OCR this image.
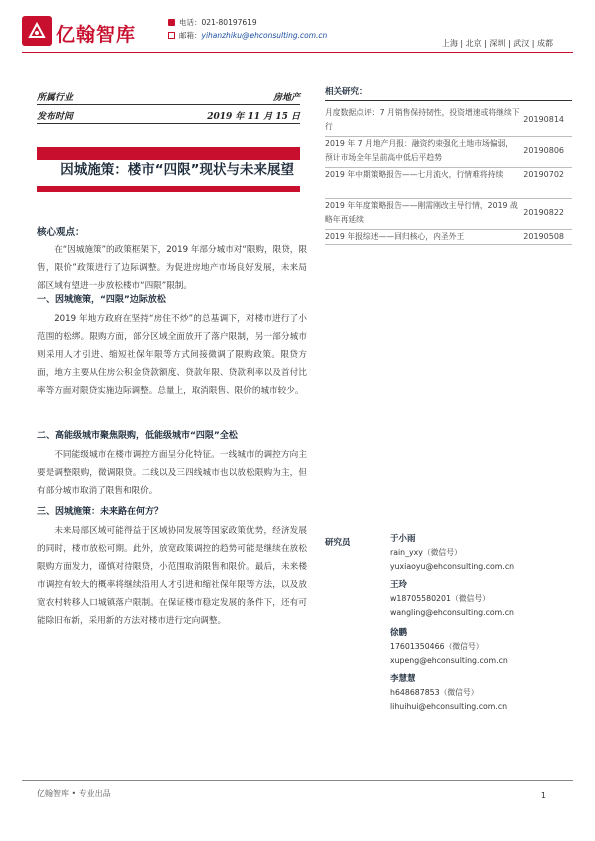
亿翰智库
电话：021-80197619
邮箱：yihanzhiku@ehconsulting.com.cn
上海 | 北京 | 深圳 | 武汉 | 成都
所属行业	房地产
发布时间	2019 年 11 月 15 日
因城施策：楼市“四限”现状与未来展望
核心观点：
在“因城施策”的政策框架下，2019 年部分城市对“限购，限贷，限售，限价”政策进行了边际调整。为促进房地产市场良好发展，未来局部区域有望进一步放松楼市“四限”限制。
一、因城施策，“四限”边际放松
2019 年地方政府在坚持“房住不炒”的总基调下，对楼市进行了小范围的松绑。限购方面，部分区域全面放开了落户限制，另一部分城市则采用人才引进、缩短社保年限等方式间接微调了限购政策。限贷方面，地方主要从住房公积金贷款额度、贷款年限、贷款利率以及首付比率等方面对限贷实施边际调整。总量上，取消限售、限价的城市较少。
二、高能级城市聚焦限购，低能级城市“四限”全松
不同能级城市在楼市调控方面呈分化特征。一线城市的调控方向主要是调整限购，微调限贷。二线以及三四线城市也以放松限购为主，但有部分城市取消了限售和限价。
三、因城施策：未来路在何方？
未来局部区域可能得益于区域协同发展等国家政策优势，经济发展的同时，楼市放松可期。此外，放宽政策调控的趋势可能是继续在放松限购方面发力，谨慎对待限贷，小范围取消限售和限价。最后，未来楼市调控有较大的概率将继续沿用人才引进和缩社保年限等方法，以及放宽农村转移人口城镇落户限制。在保证楼市稳定发展的条件下，还有可能除旧布新，采用新的方法对楼市进行定向调整。
相关研究：
月度数据点评：7 月销售保持韧性，投资增速或将继续下行
20190814
2019 年 7 月地产月报：融资约束强化土地市场偏弱，预计市场全年呈前高中低后平趋势
20190806
2019 年中期策略报告——七月流火，行情难将持续	20190702
2019 年年度策略报告——刚需刚改主导行情，2019 战略年再延续
20190822
2019 年报综述——回归核心，内圣外王	20190508
研究员	于小雨
rain_yxy（微信号）
yuxiaoyu@ehconsulting.com.cn
王玲
w18705580201（微信号）
wangling@ehconsulting.com.cn
徐鹏
17601350466（微信号）
xupeng@ehconsulting.com.cn
李慧慧
h648687853（微信号）
lihuihui@ehconsulting.com.cn
亿翰智库 • 专业出品	1
